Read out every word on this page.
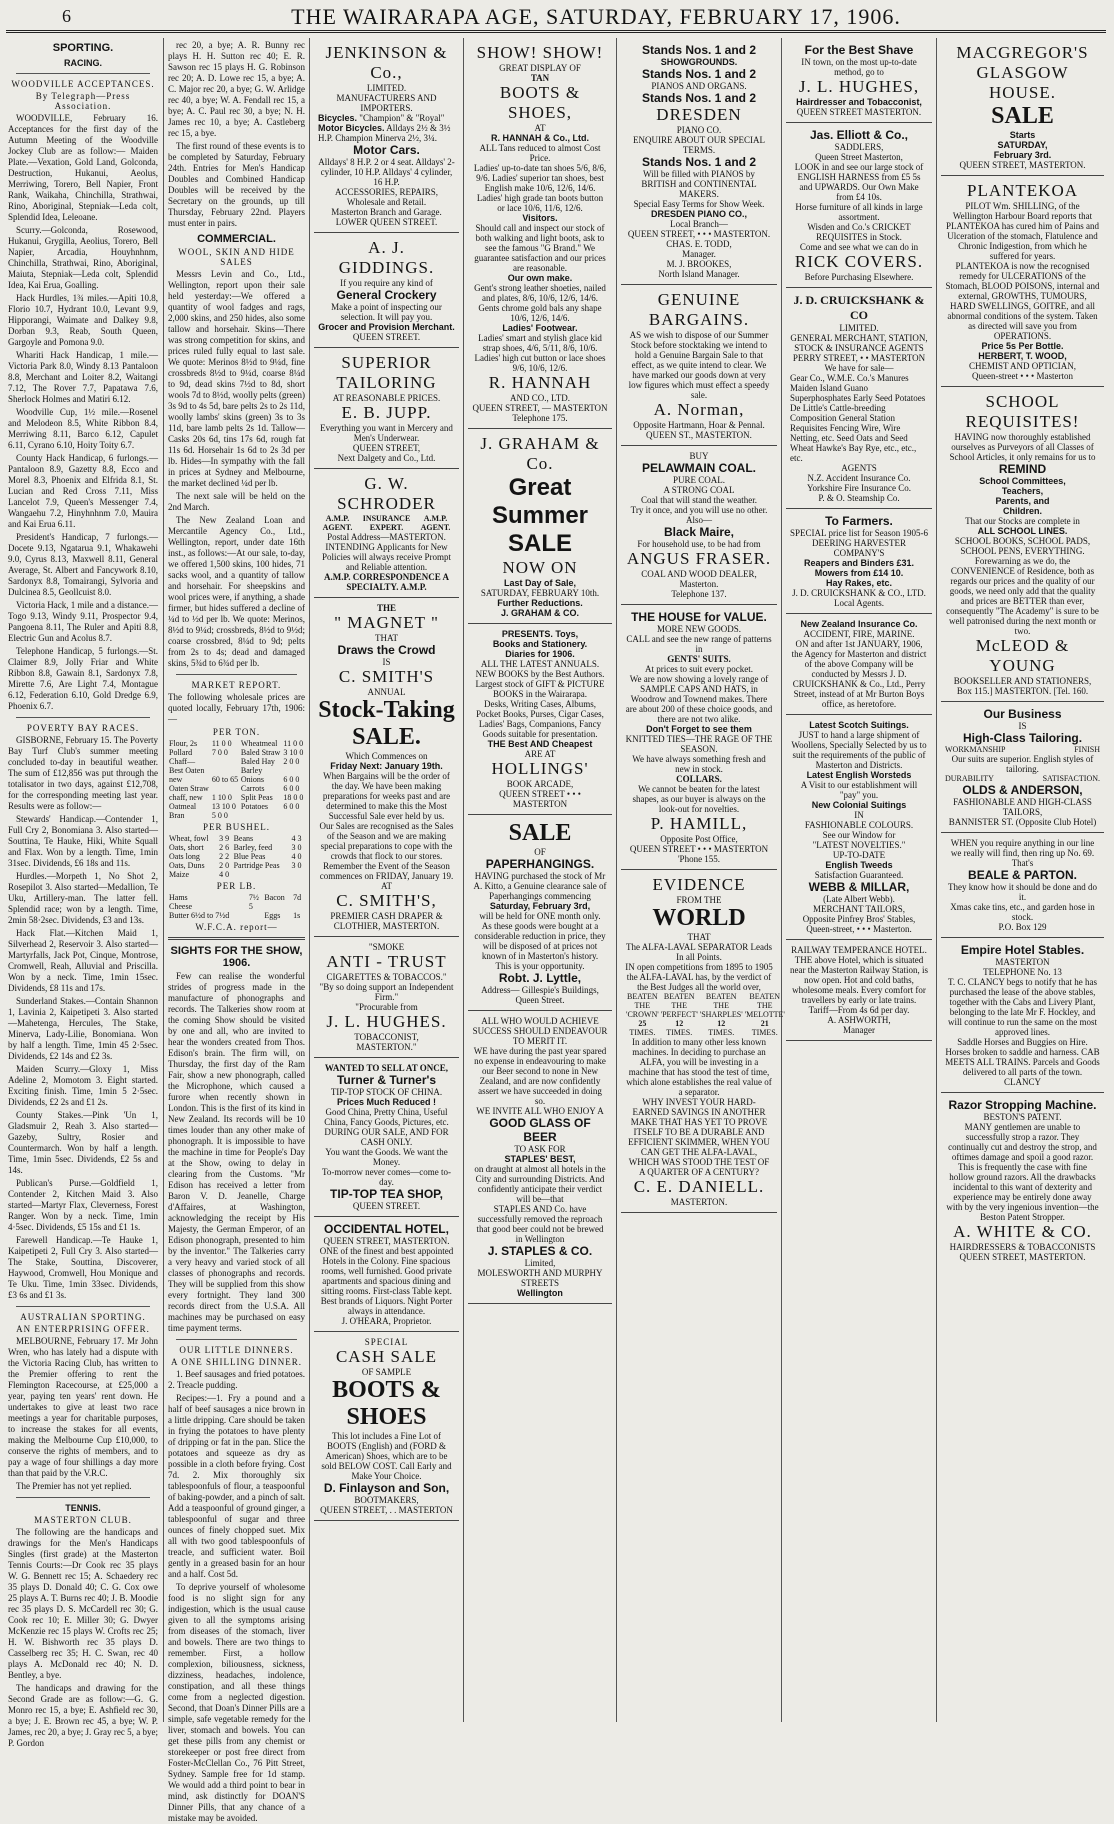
6	THE WAIRARAPA AGE, SATURDAY, FEBRUARY 17, 1906.
SPORTING.
RACING.
WOODVILLE ACCEPTANCES.
By Telegraph—Press Association.

WOODVILLE, February 16. Acceptances for the first day of the Autumn Meeting of the Woodville Jockey Club are as follow:— Maiden Plate.—Vexation, Gold Land, Golconda, Destruction, Hukanui, Aeolus, Merriwing, Torero, Bell Napier, Front Rank, Waikaha, Chinchilla, Strathwai, Rino, Aboriginal, Stepniak—Leda colt, Splendid Idea, Leleoane.

Scurry.—Golconda, Rosewood, Hukanui, Grygilla, Aeolius, Torero, Bell Napier, Arcadia, Houyhnhnm, Chinchilla, Strathwai, Rino, Aboriginal, Maiuta, Stepniak—Leda colt, Splendid Idea, Kai Erua, Goalling.

Hack Hurdles, 1¾ miles.—Apiti 10.8, Florio 10.7, Hydrant 10.0, Levant 9.9, Hipporangi, Waimate and Dalkey 9.8, Dorban 9.3, Reab, South Queen, Gargoyle and Pomona 9.0.

Whariti Hack Handicap, 1 mile.—Victoria Park 8.0, Windy 8.13 Pantaloon 8.8, Merchant and Loiter 8.2, Waitangi 7.12, The Rover 7.7, Papatawa 7.6, Sherlock Holmes and Matiri 6.12.

Woodville Cup, 1½ mile.—Rosenel and Melodeon 8.5, White Ribbon 8.4, Merriwing 8.11, Barco 6.12, Capulet 6.11, Cyrano 6.10, Hoity Toity 6.7.

County Hack Handicap, 6 furlongs.—Pantaloon 8.9, Gazetty 8.8, Ecco and Morel 8.3, Phoenix and Elfrida 8.1, St. Lucian and Red Cross 7.11, Miss Lancelot 7.9, Queen's Messenger 7.4, Wangaehu 7.2, Hinyhnhnm 7.0, Mauira and Kai Erua 6.11.

President's Handicap, 7 furlongs.—Docete 9.13, Ngatarua 9.1, Whakawehi 9.0, Cyrus 8.13, Maxwell 8.11, General Average, St. Albert and Fancywork 8.10, Sardonyx 8.8, Tomairangi, Sylvoria and Dulcinea 8.5, Geollcuist 8.0.

Victoria Hack, 1 mile and a distance.—Togo 9.13, Windy 9.11, Prospector 9.4, Pangoena 8.11, The Ruler and Apiti 8.8, Electric Gun and Acolus 8.7.

Telephone Handicap, 5 furlongs.—St. Claimer 8.9, Jolly Friar and White Ribbon 8.8, Gawain 8.1, Sardonyx 7.8, Mirette 7.6, Are Light 7.4, Montague 6.12, Federation 6.10, Gold Dredge 6.9, Phoenix 6.7.

POVERTY BAY RACES.

GISBORNE, February 15. The Poverty Bay Turf Club's summer meeting concluded to-day in beautiful weather. The sum of £12,856 was put through the totalisator in two days, against £12,708, for the corresponding meeting last year. Results were as follow:—

Stewards' Handicap.—Contender 1, Full Cry 2, Bonomiana 3. Also started—Souttina, Te Hauke, Hiki, White Squall and Flax. Won by a length. Time, 1min 31sec. Dividends, £6 18s and 11s.

Hurdles.—Morpeth 1, No Shot 2, Rosepilot 3. Also started—Medallion, Te Uku, Artillery-man. The latter fell. Splendid race; won by a length. Time, 2min 58·2sec. Dividends, £3 and 13s.

Hack Flat.—Kitchen Maid 1, Silverhead 2, Reservoir 3. Also started—Martyrfalls, Jack Pot, Cinque, Montrose, Cromwell, Reah, Alluvial and Priscilla. Won by a neck. Time, 1min 15sec. Dividends, £8 11s and 17s.

Sunderland Stakes.—Contain Shannon 1, Lavinia 2, Kaipetipeti 3. Also started—Mahetenga, Hercules, The Stake, Minerva, Lady-Lilie, Bonomiana. Won by half a length. Time, 1min 45 2·5sec. Dividends, £2 14s and £2 3s.

Maiden Scurry.—Gloxy 1, Miss Adeline 2, Momotom 3. Eight started. Exciting finish. Time, 1min 5 2·5sec. Dividends, £2 2s and £1 2s.

County Stakes.—Pink 'Un 1, Gladsmuir 2, Reah 3. Also started—Gazeby, Sultry, Rosier and Countermarch. Won by half a length. Time, 1min 5sec. Dividends, £2 5s and 14s.

Publican's Purse.—Goldfield 1, Contender 2, Kitchen Maid 3. Also started—Martyr Flax, Cleverness, Forest Ranger. Won by a neck. Time, 1min 4·5sec. Dividends, £5 15s and £1 1s.

Farewell Handicap.—Te Hauke 1, Kaipetipeti 2, Full Cry 3. Also started—The Stake, Souttina, Discoverer, Haywood, Cromwell, Hou Monique and Te Uku. Time, 1min 33sec. Dividends, £3 6s and £1 3s.

AUSTRALIAN SPORTING.
AN ENTERPRISING OFFER.

MELBOURNE, February 17. Mr John Wren, who has lately had a dispute with the Victoria Racing Club, has written to the Premier offering to rent the Flemington Racecourse, at £25,000 a year, paying ten years' rent down. He undertakes to give at least two race meetings a year for charitable purposes, to increase the stakes for all events, making the Melbourne Cup £10,000, to conserve the rights of members, and to pay a wage of four shillings a day more than that paid by the V.R.C.

The Premier has not yet replied.

TENNIS.
MASTERTON CLUB.

The following are the handicaps and drawings for the Men's Handicaps Singles (first grade) at the Masterton Tennis Courts:—Dr Cook rec 35 plays W. G. Bennett rec 15; A. Schaedery rec 35 plays D. Donald 40; C. G. Cox owe 25 plays A. T. Burns rec 40; J. B. Moodie rec 35 plays D. S. McCardell rec 30; G. Cook rec 10; E. Miller 30; G. Dwyer McKenzie rec 15 plays W. Crofts rec 25; H. W. Bishworth rec 35 plays D. Casselberg rec 35; H. C. Swan, rec 40 plays A. McDonald rec 40; N. D. Bentley, a bye.

The handicaps and drawing for the Second Grade are as follow:—G. G. Monro rec 15, a bye; E. Ashfield rec 30, a bye; J. E. Brown rec 45, a bye; W. P. James, rec 20, a bye; J. Gray rec 5, a bye; P. Gordon

rec 20, a bye; A. R. Bunny rec plays H. H. Sutton rec 40; E. R. Sawson rec 15 plays H. G. Robinson rec 20; A. D. Lowe rec 15, a bye; A. C. Major rec 20, a bye; G. W. Arlidge rec 40, a bye; W. A. Fendall rec 15, a bye; A. C. Paul rec 30, a bye; N. H. James rec 10, a bye; A. Castleberg rec 15, a bye.

The first round of these events is to be completed by Saturday, February 24th. Entries for Men's Handicap Doubles and Combined Handicap Doubles will be received by the Secretary on the grounds, up till Thursday, February 22nd. Players must enter in pairs.

COMMERCIAL.
WOOL, SKIN AND HIDE SALES

Messrs Levin and Co., Ltd., Wellington, report upon their sale held yesterday:—We offered a quantity of wool fadges and rags, 2,000 skins, and 250 hides, also some tallow and horsehair. Skins—There was strong competition for skins, and prices ruled fully equal to last sale. We quote: Merinos 8½d to 9¼d, fine crossbreds 8½d to 9¼d, coarse 8¼d to 9d, dead skins 7½d to 8d, short wools 7d to 8½d, woolly pelts (green) 3s 9d to 4s 5d, bare pelts 2s to 2s 11d, woolly lambs' skins (green) 3s to 3s 11d, bare lamb pelts 2s 1d. Tallow—Casks 20s 6d, tins 17s 6d, rough fat 11s 6d. Horsehair 1s 6d to 2s 3d per lb. Hides—In sympathy with the fall in prices at Sydney and Melbourne, the market declined ¼d per lb.

The next sale will be held on the 2nd March.

The New Zealand Loan and Mercantile Agency Co., Ltd., Wellington, report, under date 16th inst., as follows:—At our sale, to-day, we offered 1,500 skins, 100 hides, 71 sacks wool, and a quantity of tallow and horsehair. For sheepskins and wool prices were, if anything, a shade firmer, but hides suffered a decline of ¼d to ½d per lb. We quote: Merinos, 8½d to 9¼d; crossbreds, 8½d to 9½d; coarse crossbred, 8¼d to 9d; pelts from 2s to 4s; dead and damaged skins, 5¾d to 6¾d per lb.

MARKET REPORT.
The following wholesale prices are quoted locally, February 17th, 1906:—
PER TON.
Flour, 2s	11 0 0	Wheatmeal	11 0 0
Pollard	7 0 0	Baled Straw	3 10 0
Chaff—		Baled Hay	2 0 0
Best Oaten		Barley	
new	60 to 65	Onions	6 0 0
Oaten Straw		Carrots	6 0 0
chaff, new	1 10 0	Split Peas	18 0 0
Oatmeal	13 10 0	Potatoes	6 0 0
Bran	5 0 0		
PER BUSHEL.
Wheat, fowl	3 9	Beans	4 3
Oats, short	2 6	Barley, feed	3 0
Oats long	2 2	Blue Peas	4 0
Oats, Duns	2 0	Partridge Peas	3 0
Maize	4 0		
PER LB.
Hams	7½	Bacon	7d
Cheese	5		
Butter 6½d to 7½d		Eggs	1s
W.F.C.A. report—
SIGHTS FOR THE SHOW, 1906.

Few can realise the wonderful strides of progress made in the manufacture of phonographs and records. The Talkeries show room at the coming Show should be visited by one and all, who are invited to hear the wonders created from Thos. Edison's brain. The firm will, on Thursday, the first day of the Ram Fair, show a new phonograph, called the Microphone, which caused a furore when recently shown in London. This is the first of its kind in New Zealand. Its records will be 10 times louder than any other make of phonograph. It is impossible to have the machine in time for People's Day at the Show, owing to delay in clearing from the Customs. "Mr Edison has received a letter from Baron V. D. Jeanelle, Charge d'Affaires, at Washington, acknowledging the receipt by His Majesty, the German Emperor, of an Edison phonograph, presented to him by the inventor." The Talkeries carry a very heavy and varied stock of all classes of phonographs and records. They will be supplied from this show every fortnight. They land 300 records direct from the U.S.A. All machines may be purchased on easy time payment terms.

OUR LITTLE DINNERS.
A ONE SHILLING DINNER.

1. Beef sausages and fried potatoes. 2. Treacle pudding.

Recipes:—1. Fry a pound and a half of beef sausages a nice brown in a little dripping. Care should be taken in frying the potatoes to have plenty of dripping or fat in the pan. Slice the potatoes and squeeze as dry as possible in a cloth before frying. Cost 7d. 2. Mix thoroughly six tablespoonfuls of flour, a teaspoonful of baking-powder, and a pinch of salt. Add a teaspoonful of ground ginger, a tablespoonful of sugar and three ounces of finely chopped suet. Mix all with two good tablespoonfuls of treacle, and sufficient water. Boil gently in a greased basin for an hour and a half. Cost 5d.

To deprive yourself of wholesome food is no slight sign for any indigestion, which is the usual cause given to all the symptoms arising from diseases of the stomach, liver and bowels. There are two things to remember. First, a hollow complexion, biliousness, sickness, dizziness, headaches, indolence, constipation, and all these things come from a neglected digestion. Second, that Doan's Dinner Pills are a simple, safe vegetable remedy for the liver, stomach and bowels. You can get these pills from any chemist or storekeeper or post free direct from Foster-McClellan Co., 76 Pitt Street, Sydney. Sample free for 1d stamp. We would add a third point to bear in mind, ask distinctly for DOAN'S Dinner Pills, that any chance of a mistake may be avoided.

JENKINSON & Co.,
LIMITED.
MANUFACTURERS AND IMPORTERS.
Bicycles. "Champion" & "Royal"
Motor Bicycles. Alldays 2½ & 3½ H.P. Champion Minerva 2½, 3¼.
Motor Cars.
Alldays' 8 H.P. 2 or 4 seat. Alldays' 2-cylinder, 10 H.P. Alldays' 4 cylinder, 16 H.P.
ACCESSORIES, REPAIRS, Wholesale and Retail.
Masterton Branch and Garage.
LOWER QUEEN STREET.
A. J. GIDDINGS.
If you require any kind of
General Crockery
Make a point of inspecting our selection. It will pay you.
Grocer and Provision Merchant.
QUEEN STREET.
SUPERIOR TAILORING
AT REASONABLE PRICES.
E. B. JUPP.
Everything you want in Mercery and Men's Underwear.
QUEEN STREET,
Next Dalgety and Co., Ltd.
G. W. SCHRODER
A.M.P. AGENT.
INSURANCE EXPERT.
A.M.P. AGENT.
Postal Address—MASTERTON.
INTENDING Applicants for New Policies will always receive Prompt and Reliable attention.
A.M.P. CORRESPONDENCE A SPECIALTY. A.M.P.
THE
" MAGNET "
THAT
Draws the Crowd
IS
C. SMITH'S
ANNUAL
Stock-Taking SALE.
Which Commences on
Friday Next: January 19th.
When Bargains will be the order of the day. We have been making preparations for weeks past and are determined to make this the Most Successful Sale ever held by us.
Our Sales are recognised as the Sales of the Season and we are making special preparations to cope with the crowds that flock to our stores.
Remember the Event of the Season commences on FRIDAY, January 19.
AT
C. SMITH'S,
PREMIER CASH DRAPER & CLOTHIER, MASTERTON.
"SMOKE
ANTI - TRUST
CIGARETTES & TOBACCOS."
"By so doing support an Independent Firm."
"Procurable from
J. L. HUGHES.
TOBACCONIST,
MASTERTON."
WANTED TO SELL AT ONCE,
Turner & Turner's
TIP-TOP STOCK OF CHINA.
Prices Much Reduced !
Good China, Pretty China, Useful China, Fancy Goods, Pictures, etc. DURING OUR SALE, AND FOR CASH ONLY.
You want the Goods. We want the Money.
To-morrow never comes—come to-day.
TIP-TOP TEA SHOP,
QUEEN STREET.
OCCIDENTAL HOTEL,
QUEEN STREET, MASTERTON.
ONE of the finest and best appointed Hotels in the Colony. Fine spacious rooms, well furnished. Good private apartments and spacious dining and sitting rooms. First-class Table kept. Best brands of Liquors. Night Porter always in attendance.
J. O'HEARA, Proprietor.
SPECIAL
CASH SALE
OF SAMPLE
BOOTS & SHOES
This lot includes a Fine Lot of BOOTS (English) and (FORD & American) Shoes, which are to be sold BELOW COST. Call Early and Make Your Choice.
D. Finlayson and Son,
BOOTMAKERS,
QUEEN STREET, . . MASTERTON
SHOW! SHOW!
GREAT DISPLAY OF
TAN
BOOTS & SHOES,
AT
R. HANNAH & Co., Ltd.
ALL Tans reduced to almost Cost Price.
Ladies' up-to-date tan shoes 5/6, 8/6, 9/6. Ladies' superior tan shoes, best English make 10/6, 12/6, 14/6. Ladies' high grade tan boots button or lace 10/6, 11/6, 12/6.
Visitors.
Should call and inspect our stock of both walking and light boots, ask to see the famous "G Brand." We guarantee satisfaction and our prices are reasonable.
Our own make.
Gent's strong leather shoeties, nailed and plates, 8/6, 10/6, 12/6, 14/6. Gents chrome gold bals any shape 10/6, 12/6, 14/6.
Ladies' Footwear.
Ladies' smart and stylish glace kid strap shoes, 4/6, 5/11, 8/6, 10/6. Ladies' high cut button or lace shoes 9/6, 10/6, 12/6.
R. HANNAH
AND CO., LTD.
QUEEN STREET, — MASTERTON
Telephone 175.
J. GRAHAM & Co.
Great
Summer
SALE
NOW ON
Last Day of Sale,
SATURDAY, FEBRUARY 10th.
Further Reductions.
J. GRAHAM & CO.
PRESENTS. Toys,
Books and Stationery.
Diaries for 1906.
ALL THE LATEST ANNUALS.
NEW BOOKS by the Best Authors. Largest stock of GIFT & PICTURE BOOKS in the Wairarapa.
Desks, Writing Cases, Albums, Pocket Books, Purses, Cigar Cases, Ladies' Bags, Companions, Fancy Goods suitable for presentation.
THE Best AND Cheapest
ARE AT
HOLLINGS'
BOOK ARCADE,
QUEEN STREET • • • MASTERTON
SALE
OF
PAPERHANGINGS.
HAVING purchased the stock of Mr A. Kitto, a Genuine clearance sale of Paperhangings commencing
Saturday, February 3rd,
will be held for ONE month only.
As these goods were bought at a considerable reduction in price, they will be disposed of at prices not known of in Masterton's history.
This is your opportunity.
Robt. J. Lyttle,
Address— Gillespie's Buildings, Queen Street.
ALL WHO WOULD ACHIEVE SUCCESS SHOULD ENDEAVOUR TO MERIT IT.
WE have during the past year spared no expense in endeavouring to make our Beer second to none in New Zealand, and are now confidently assert we have succeeded in doing so.
WE INVITE ALL WHO ENJOY A
GOOD GLASS OF BEER
TO ASK FOR
STAPLES' BEST,
on draught at almost all hotels in the City and surrounding Districts. And confidently anticipate their verdict will be—that
STAPLES AND Co. have successfully removed the reproach that good beer could not be brewed in Wellington
J. STAPLES & CO.
Limited,
MOLESWORTH AND MURPHY STREETS
Wellington
Stands Nos. 1 and 2
SHOWGROUNDS.
Stands Nos. 1 and 2
PIANOS AND ORGANS.
Stands Nos. 1 and 2
DRESDEN
PIANO CO.
ENQUIRE ABOUT OUR SPECIAL TERMS.
Stands Nos. 1 and 2
Will be filled with PIANOS by BRITISH and CONTINENTAL MAKERS.
Special Easy Terms for Show Week.
DRESDEN PIANO CO.,
Local Branch—
QUEEN STREET, • • • MASTERTON.
CHAS. E. TODD,
Manager.
M. J. BROOKES,
North Island Manager.
GENUINE
BARGAINS.
AS we wish to dispose of our Summer Stock before stocktaking we intend to hold a Genuine Bargain Sale to that effect, as we quite intend to clear. We have marked our goods down at very low figures which must effect a speedy sale.
A. Norman,
Opposite Hartmann, Hoar & Pennal. QUEEN ST., MASTERTON.
BUY
PELAWMAIN COAL.
PURE COAL.
A STRONG COAL
Coal that will stand the weather.
Try it once, and you will use no other.
Also—
Black Maire,
For household use, to be had from
ANGUS FRASER.
COAL AND WOOD DEALER,
Masterton.
Telephone 137.
THE HOUSE for VALUE.
MORE NEW GOODS.
CALL and see the new range of patterns in
GENTS' SUITS.
At prices to suit every pocket.
We are now showing a lovely range of SAMPLE CAPS AND HATS, in Woodrow and Townend makes. There are about 200 of these choice goods, and there are not two alike.
Don't Forget to see them
KNITTED TIES—THE RAGE OF THE SEASON.
We have always something fresh and new in stock.
COLLARS.
We cannot be beaten for the latest shapes, as our buyer is always on the look-out for novelties.
P. HAMILL,
Opposite Post Office,
QUEEN STREET • • • MASTERTON
'Phone 155.
EVIDENCE
FROM THE
WORLD
THAT
The ALFA-LAVAL SEPARATOR Leads
In all Points.
IN open competitions from 1895 to 1905 the ALFA-LAVAL has, by the verdict of the Best Judges all the world over,
BEATEN THE 'CROWN'	BEATEN THE 'PERFECT'	BEATEN THE 'SHARPLES'	BEATEN THE 'MELOTTE'
25	12	12	21
TIMES.	TIMES.	TIMES.	TIMES.
In addition to many other less known machines. In deciding to purchase an ALFA, you will be investing in a machine that has stood the test of time, which alone establishes the real value of a separator.
WHY INVEST YOUR HARD-EARNED SAVINGS IN ANOTHER MAKE THAT HAS YET TO PROVE ITSELF TO BE A DURABLE AND EFFICIENT SKIMMER, WHEN YOU CAN GET THE ALFA-LAVAL, WHICH WAS STOOD THE TEST OF A QUARTER OF A CENTURY?
C. E. DANIELL.
MASTERTON.
For the Best Shave
IN town, on the most up-to-date method, go to
J. L. HUGHES,
Hairdresser and Tobacconist,
QUEEN STREET MASTERTON.
Jas. Elliott & Co.,
SADDLERS,
Queen Street Masterton,
LOOK in and see our large stock of ENGLISH HARNESS from £5 5s and UPWARDS. Our Own Make from £4 10s.
Horse furniture of all kinds in large assortment.
Wisden and Co.'s CRICKET REQUISITES in Stock.
Come and see what we can do in
RICK COVERS.
Before Purchasing Elsewhere.
J. D. CRUICKSHANK & CO
LIMITED.
GENERAL MERCHANT, STATION, STOCK & INSURANCE AGENTS
PERRY STREET, • • MASTERTON
We have for sale—
Gear Co., W.M.E. Co.'s Manures Maiden Island Guano Superphosphates Early Seed Potatoes De Little's Cattle-breeding Composition General Station Requisites Fencing Wire, Wire Netting, etc. Seed Oats and Seed Wheat Hawke's Bay Rye, etc., etc., etc.
AGENTS
N.Z. Accident Insurance Co.
Yorkshire Fire Insurance Co.
P. & O. Steamship Co.
To Farmers.
SPECIAL price list for Season 1905-6
DEERING HARVESTER COMPANY'S
Reapers and Binders £31.
Mowers from £14 10.
Hay Rakes, etc.
J. D. CRUICKSHANK & CO., LTD. Local Agents.
New Zealand Insurance Co.
ACCIDENT, FIRE, MARINE.
ON and after 1st JANUARY, 1906, the Agency for Masterton and district of the above Company will be conducted by Messrs J. D. CRUICKSHANK & Co., Ltd., Perry Street, instead of at Mr Burton Boys office, as heretofore.
Latest Scotch Suitings.
JUST to hand a large shipment of Woollens, Specially Selected by us to suit the requirements of the public of Masterton and Districts.
Latest English Worsteds
A Visit to our establishment will "pay" you.
New Colonial Suitings
IN
FASHIONABLE COLOURS.
See our Window for
"LATEST NOVELTIES."
UP-TO-DATE
English Tweeds
Satisfaction Guaranteed.
WEBB & MILLAR,
(Late Albert Webb).
MERCHANT TAILORS,
Opposite Pinfrey Bros' Stables,
Queen-street, • • • Masterton.
RAILWAY TEMPERANCE HOTEL.
THE above Hotel, which is situated near the Masterton Railway Station, is now open. Hot and cold baths, wholesome meals. Every comfort for travellers by early or late trains.
Tariff—From 4s 6d per day.
A. ASHWORTH,
Manager
MACGREGOR'S
GLASGOW
HOUSE.
SALE
Starts
SATURDAY,
February 3rd.
QUEEN STREET, MASTERTON.
PLANTEKOA
PILOT Wm. SHILLING, of the Wellington Harbour Board reports that PLANTEKOA has cured him of Pains and Ulceration of the stomach, Flatulence and Chronic Indigestion, from which he suffered for years.
PLANTEKOA is now the recognised remedy for ULCERATIONS of the Stomach, BLOOD POISONS, internal and external, GROWTHS, TUMOURS, HARD SWELLINGS, GOITRE, and all abnormal conditions of the system. Taken as directed will save you from OPERATIONS.
Price 5s Per Bottle.
HERBERT, T. WOOD,
CHEMIST AND OPTICIAN,
Queen-street • • • Masterton
SCHOOL
REQUISITES!
HAVING now thoroughly established ourselves as Purveyors of all Classes of School Articles, it only remains for us to
REMIND
School Committees,
Teachers,
Parents, and
Children.
That our Stocks are complete in
ALL SCHOOL LINES.
SCHOOL BOOKS, SCHOOL PADS, SCHOOL PENS, EVERYTHING.
Forewarning as we do, the CONVENIENCE of Residence, both as regards our prices and the quality of our goods, we need only add that the quality and prices are BETTER than ever, consequently "The Academy" is sure to be well patronised during the next month or two.
McLEOD & YOUNG
BOOKSELLER AND STATIONERS,
Box 115.] MASTERTON. [Tel. 160.
Our Business
IS
High-Class Tailoring.
WORKMANSHIP	FINISH
Our suits are superior. English styles of tailoring.
DURABILITY	SATISFACTION.
OLDS & ANDERSON,
FASHIONABLE AND HIGH-CLASS TAILORS,
BANNISTER ST. (Opposite Club Hotel)
WHEN you require anything in our line we really will find, then ring up No. 69. That's
BEALE & PARTON.
They know how it should be done and do it.
Xmas cake tins, etc., and garden hose in stock.
P.O. Box 129
Empire Hotel Stables.
MASTERTON
TELEPHONE No. 13
T. C. CLANCY begs to notify that he has purchased the lease of the above stables, together with the Cabs and Livery Plant, belonging to the late Mr F. Hockley, and will continue to run the same on the most approved lines.
Saddle Horses and Buggies on Hire. Horses broken to saddle and harness. CAB MEETS ALL TRAINS. Parcels and Goods delivered to all parts of the town.
CLANCY
Razor Stropping Machine.
BESTON'S PATENT.
MANY gentlemen are unable to successfully strop a razor. They continually cut and destroy the strop, and oftimes damage and spoil a good razor. This is frequently the case with fine hollow ground razors. All the drawbacks incidental to this want of dexterity and experience may be entirely done away with by the very ingenious invention—the Beston Patent Stropper.
A. WHITE & CO.
HAIRDRESSERS & TOBACCONISTS
QUEEN STREET, MASTERTON.
